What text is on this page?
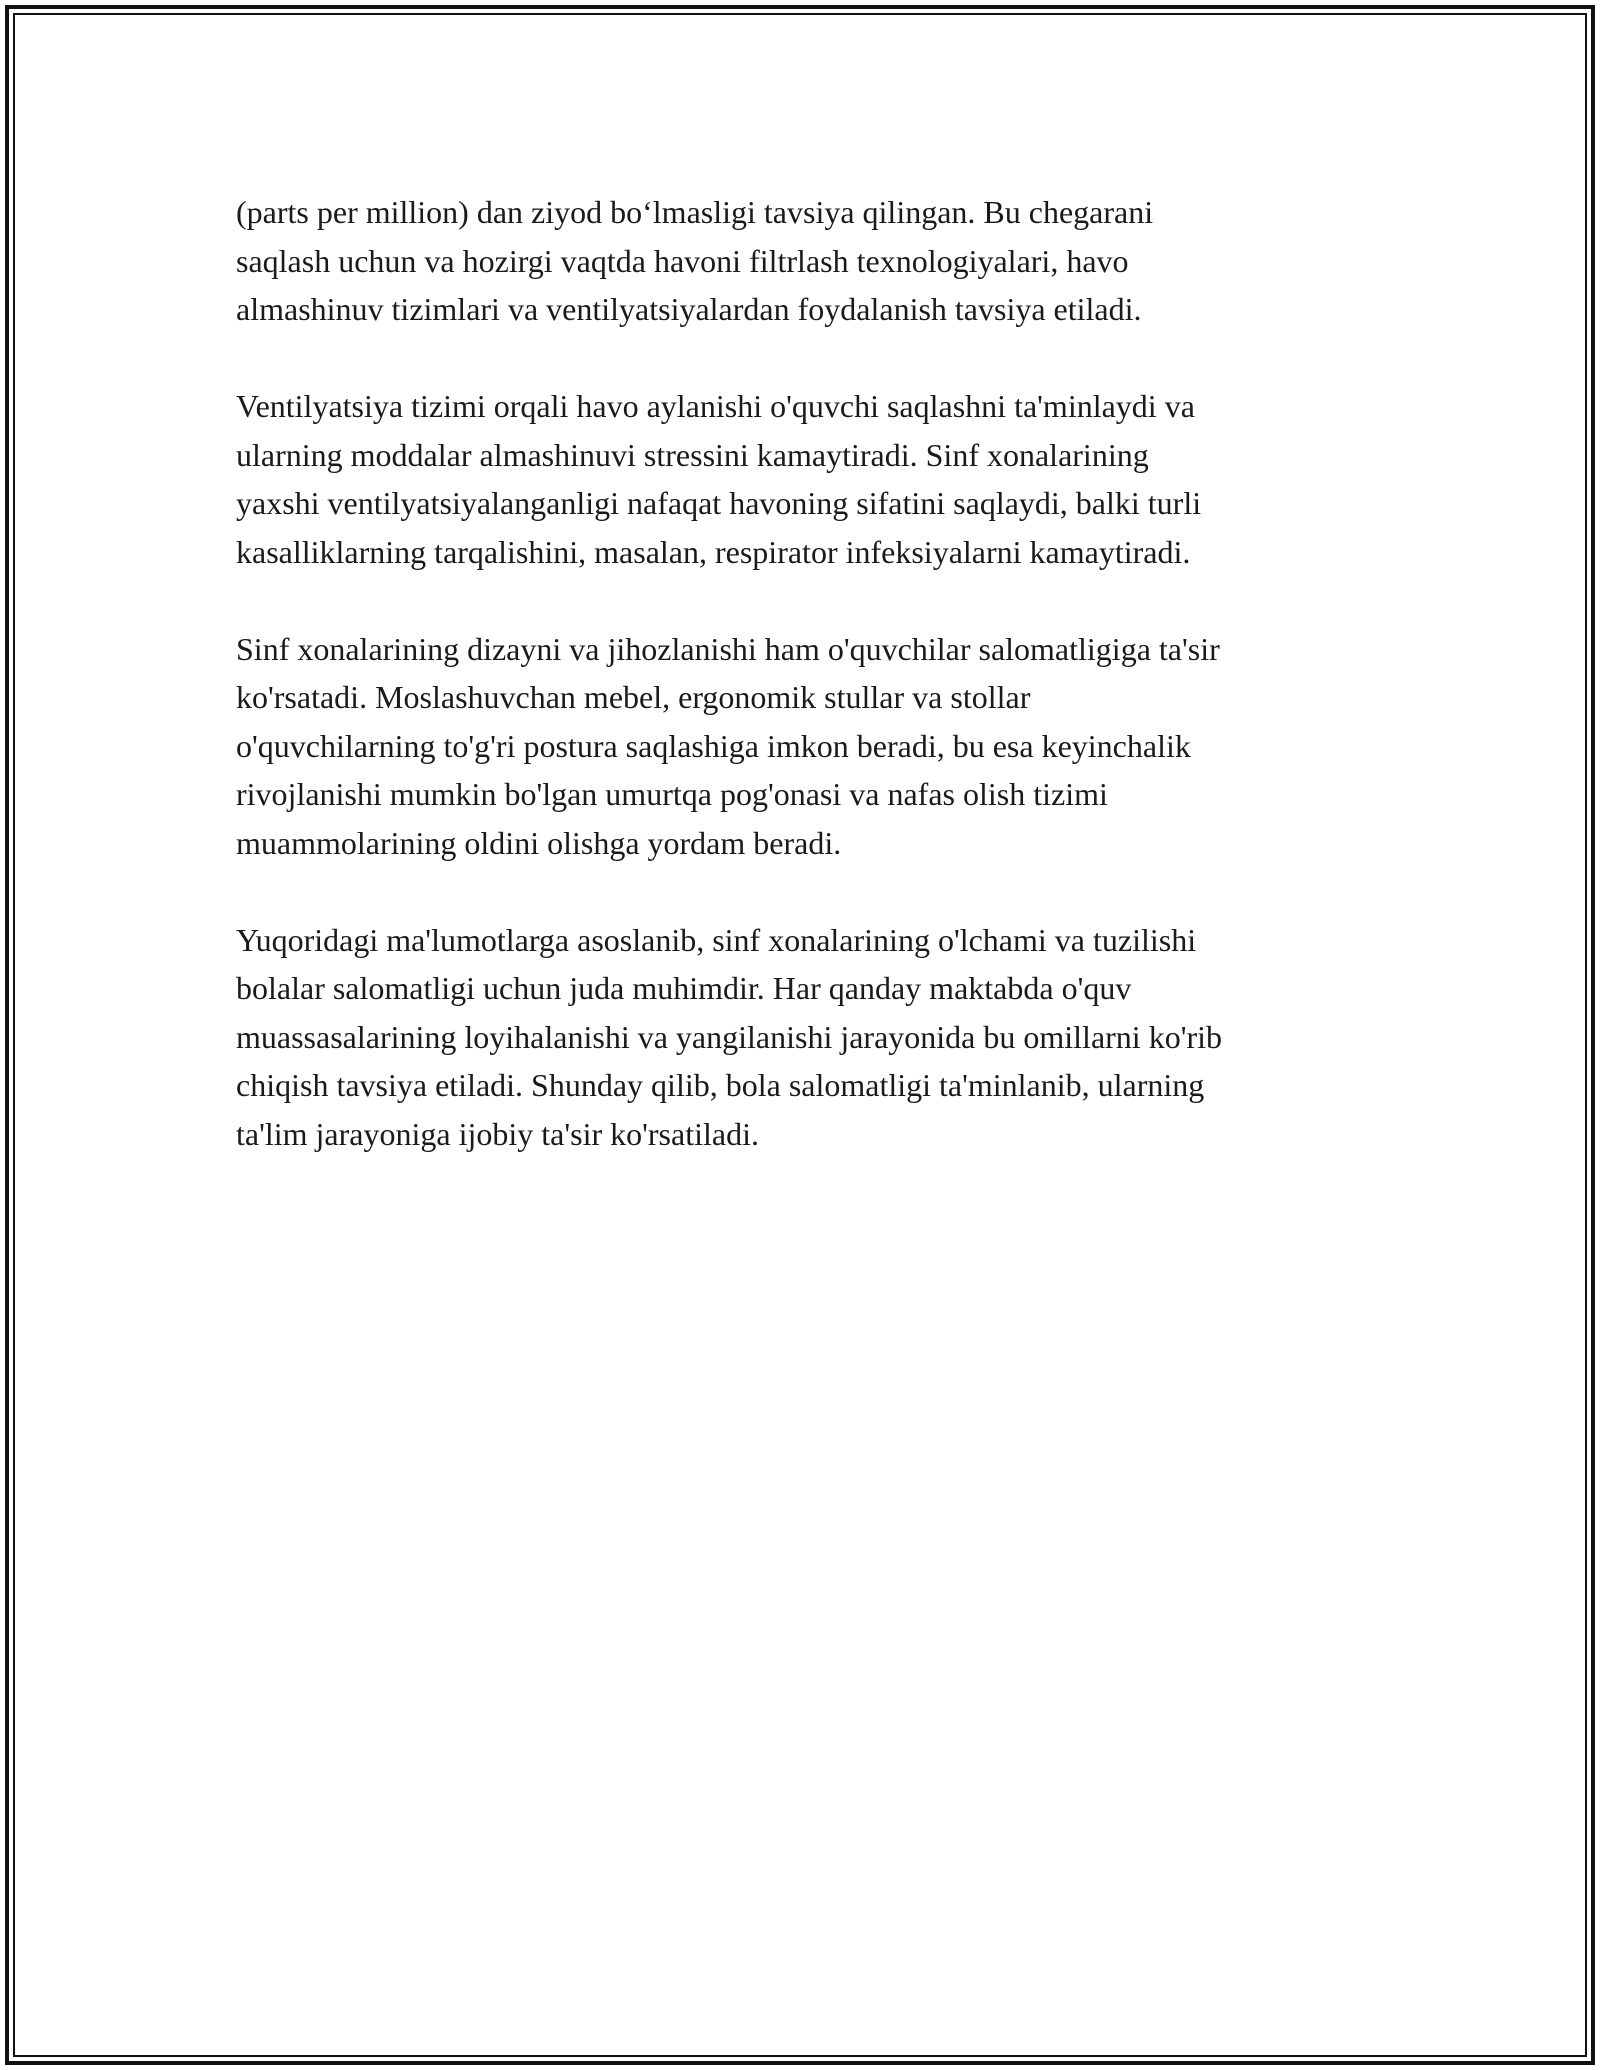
(parts per million) dan ziyod bo‘lmasligi tavsiya qilingan. Bu chegarani
saqlash uchun va hozirgi vaqtda havoni filtrlash texnologiyalari, havo
almashinuv tizimlari va ventilyatsiyalardan foydalanish tavsiya etiladi.

Ventilyatsiya tizimi orqali havo aylanishi o'quvchi saqlashni ta'minlaydi va
ularning moddalar almashinuvi stressini kamaytiradi. Sinf xonalarining
yaxshi ventilyatsiyalanganligi nafaqat havoning sifatini saqlaydi, balki turli
kasalliklarning tarqalishini, masalan, respirator infeksiyalarni kamaytiradi.

Sinf xonalarining dizayni va jihozlanishi ham o'quvchilar salomatligiga ta'sir
ko'rsatadi. Moslashuvchan mebel, ergonomik stullar va stollar
o'quvchilarning to'g'ri postura saqlashiga imkon beradi, bu esa keyinchalik
rivojlanishi mumkin bo'lgan umurtqa pog'onasi va nafas olish tizimi
muammolarining oldini olishga yordam beradi.

Yuqoridagi ma'lumotlarga asoslanib, sinf xonalarining o'lchami va tuzilishi
bolalar salomatligi uchun juda muhimdir. Har qanday maktabda o'quv
muassasalarining loyihalanishi va yangilanishi jarayonida bu omillarni ko'rib
chiqish tavsiya etiladi. Shunday qilib, bola salomatligi ta'minlanib, ularning
ta'lim jarayoniga ijobiy ta'sir ko'rsatiladi.
